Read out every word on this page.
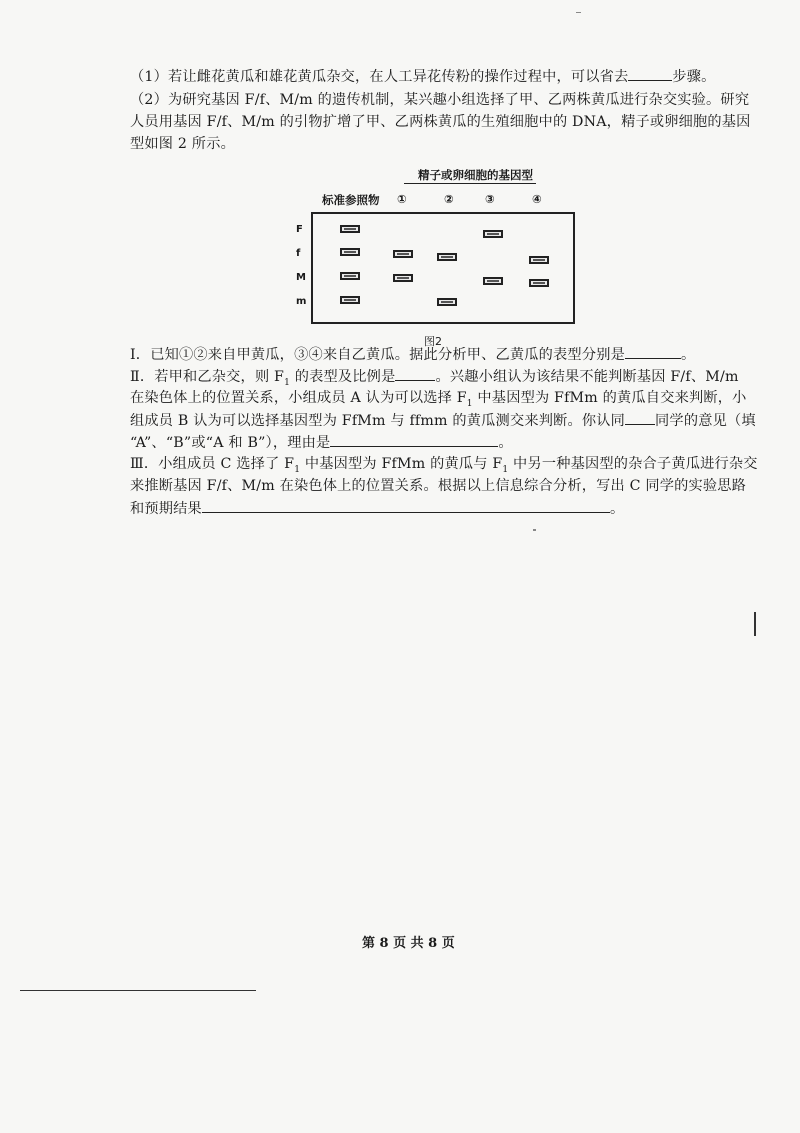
（1）若让雌花黄瓜和雄花黄瓜杂交，在人工异花传粉的操作过程中，可以省去	步骤。
（2）为研究基因 F/f、M/m 的遗传机制，某兴趣小组选择了甲、乙两株黄瓜进行杂交实验。研究
人员用基因 F/f、M/m 的引物扩增了甲、乙两株黄瓜的生殖细胞中的 DNA，精子或卵细胞的基因
型如图 2 所示。
精子或卵细胞的基因型
标准参照物 ①	②	③	④
F
f
M
m
图2
Ⅰ．已知①②来自甲黄瓜，③④来自乙黄瓜。据此分析甲、乙黄瓜的表型分别是	。
Ⅱ．若甲和乙杂交，则 $F_1$ 的表型及比例是	。兴趣小组认为该结果不能判断基因 F/f、M/m
在染色体上的位置关系，小组成员 A 认为可以选择 $F_1$ 中基因型为 FfMm 的黄瓜自交来判断，小
组成员 B 认为可以选择基因型为 FfMm 与 ffmm 的黄瓜测交来判断。你认同 同学的意见（填
“A”、“B”或“A 和 B”），理由是	。
Ⅲ．小组成员 C 选择了 $F_1$ 中基因型为 FfMm 的黄瓜与 $F_1$ 中另一种基因型的杂合子黄瓜进行杂交
来推断基因 F/f、M/m 在染色体上的位置关系。根据以上信息综合分析，写出 C 同学的实验思路
和预期结果	。
第 8 页 共 8 页
